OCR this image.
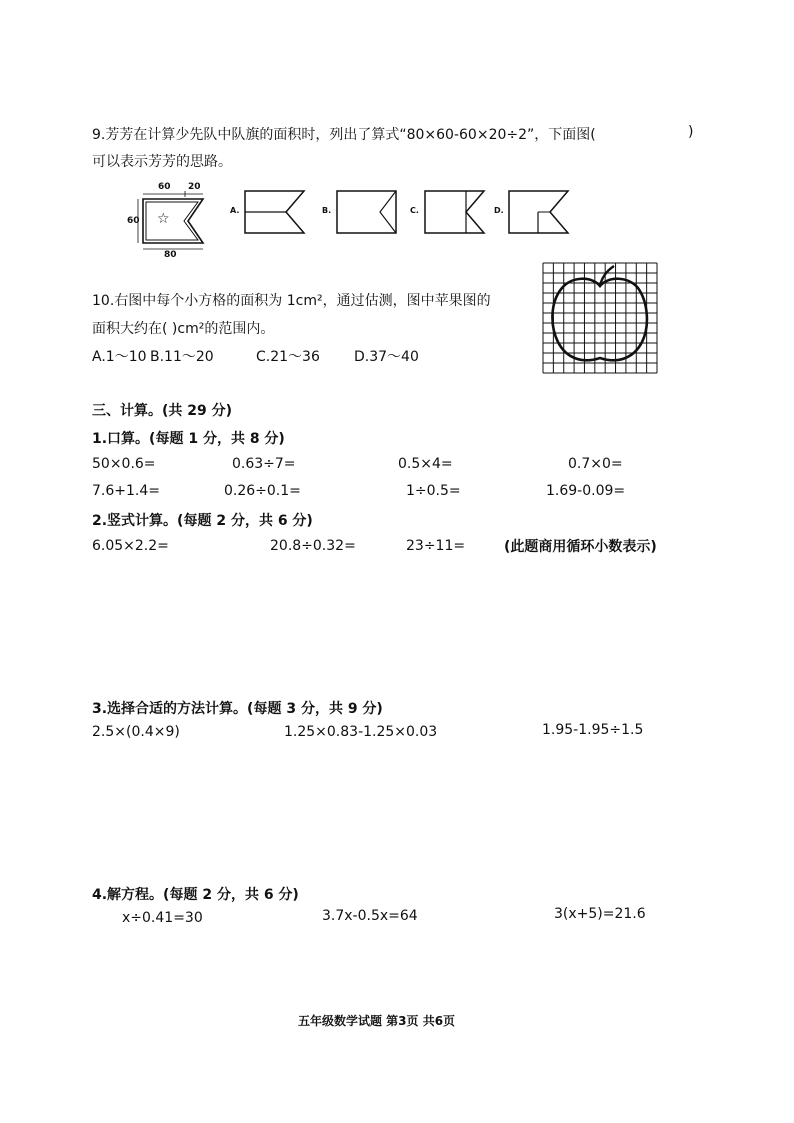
9.芳芳在计算少先队中队旗的面积时，列出了算式“80×60-60×20÷2”，下面图(	)
可以表示芳芳的思路。
60 20
60
80
☆
A.	B.	C.	D.
10.右图中每个小方格的面积为 1cm²，通过估测，图中苹果图的
面积大约在( )cm²的范围内。
A.1～10 B.11～20	C.21～36 D.37～40
三、计算。(共 29 分)
1.口算。(每题 1 分，共 8 分)
50×0.6=	0.63÷7=	0.5×4=	0.7×0=
7.6+1.4=	0.26÷0.1=	1÷0.5=	1.69-0.09=
2.竖式计算。(每题 2 分，共 6 分)
6.05×2.2=	20.8÷0.32=	23÷11=	(此题商用循环小数表示)
3.选择合适的方法计算。(每题 3 分，共 9 分)
2.5×(0.4×9)	1.25×0.83-1.25×0.03	1.95-1.95÷1.5
4.解方程。(每题 2 分，共 6 分)
x÷0.41=30	3.7x-0.5x=64	3(x+5)=21.6
五年级数学试题 第3页 共6页
